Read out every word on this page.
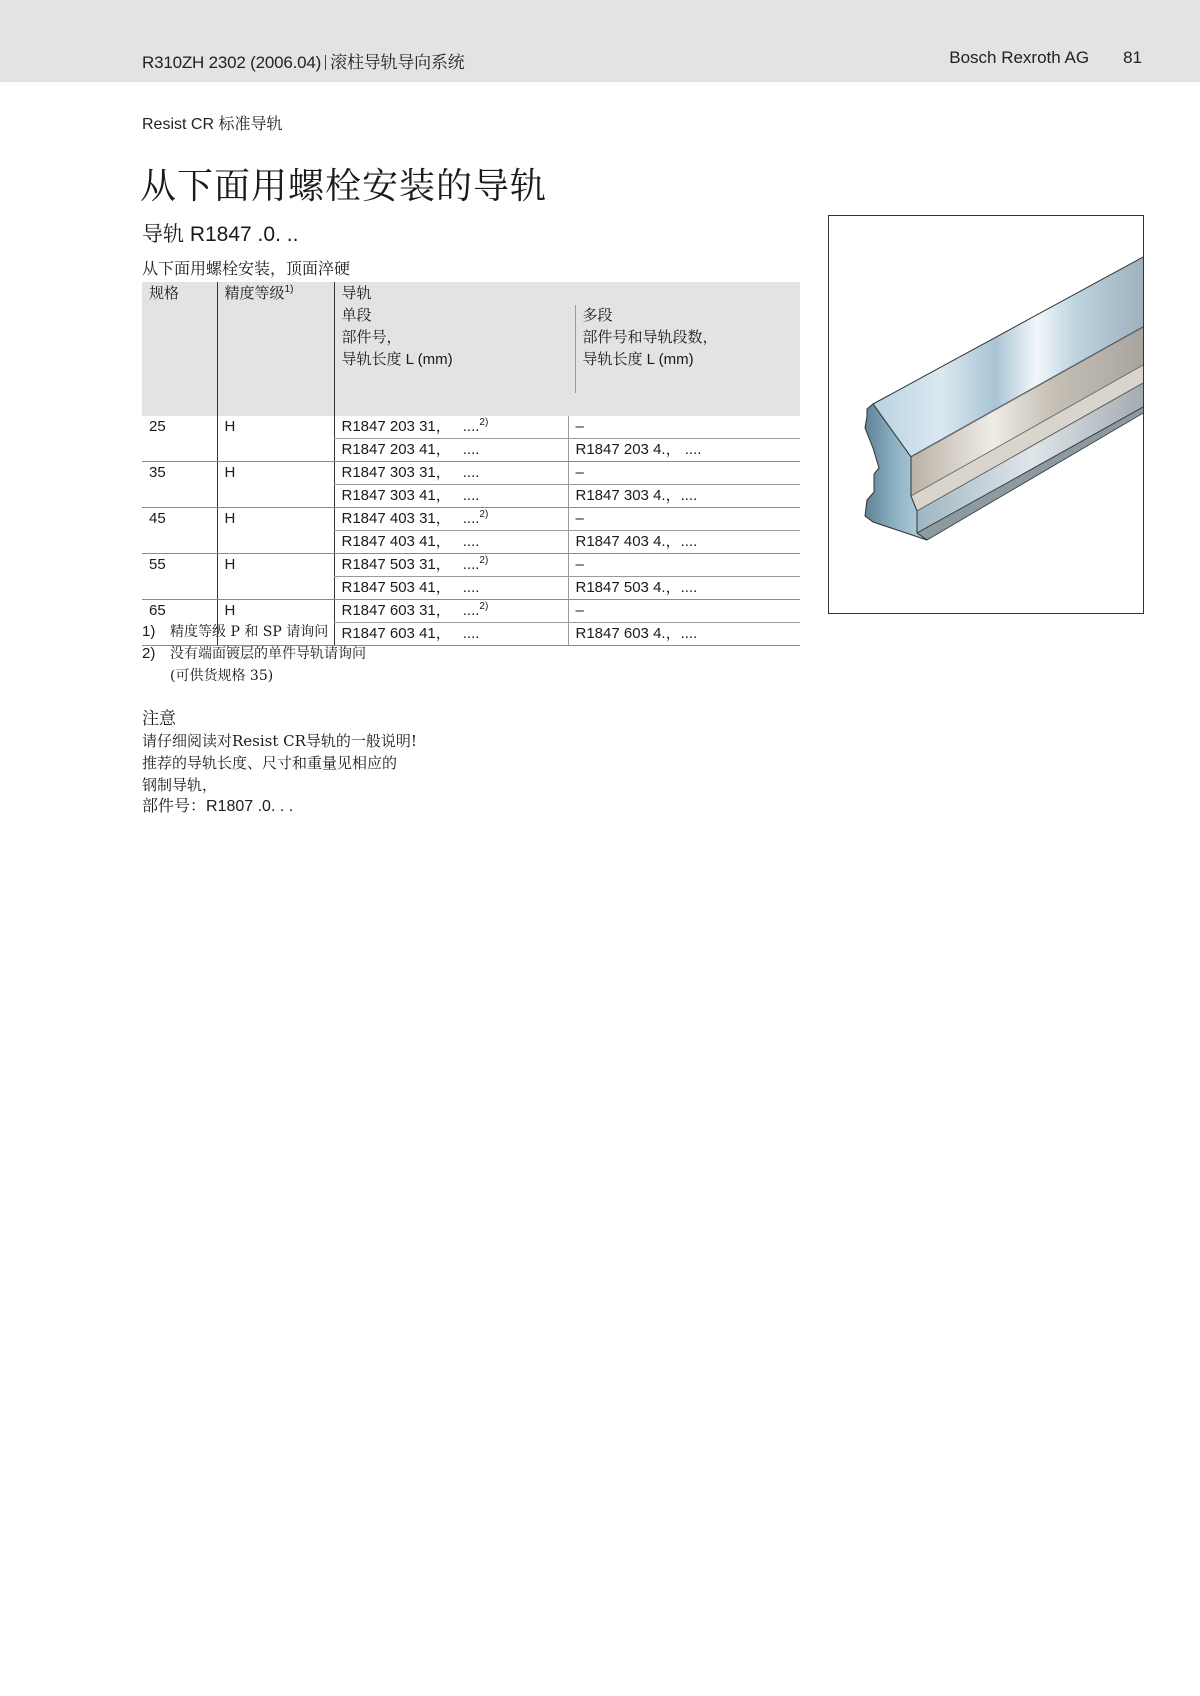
R310ZH 2302 (2006.04) 滚柱导轨导向系统	Bosch Rexroth AG 81
Resist CR 标准导轨
从下面用螺栓安装的导轨
导轨 R1847 .0. ..
从下面用螺栓安装，顶面淬硬
规格	精度等级$^{1)}$	导轨
单段
部件号，
导轨长度 L (mm)
多段
部件号和导轨段数，
导轨长度 L (mm)

25	H	R1847 203 31， ....$^{2)}$	–
		R1847 203 41， ....	R1847 203 4.， ....
35	H	R1847 303 31， ....	–
		R1847 303 41， ....	R1847 303 4.，....
45	H	R1847 403 31， ....$^{2)}$	–
		R1847 403 41， ....	R1847 403 4.，....
55	H	R1847 503 31， ....$^{2)}$	–
		R1847 503 41， ....	R1847 503 4.，....
65	H	R1847 603 31， ....$^{2)}$	–
		R1847 603 41， ....	R1847 603 4.，....
1)	精度等级 P 和 SP 请询问
2)	没有端面镀层的单件导轨请询问
(可供货规格 35)
注意
请仔细阅读对Resist CR导轨的一般说明!
推荐的导轨长度、尺寸和重量见相应的
钢制导轨，
部件号：R1807 .0. . .
